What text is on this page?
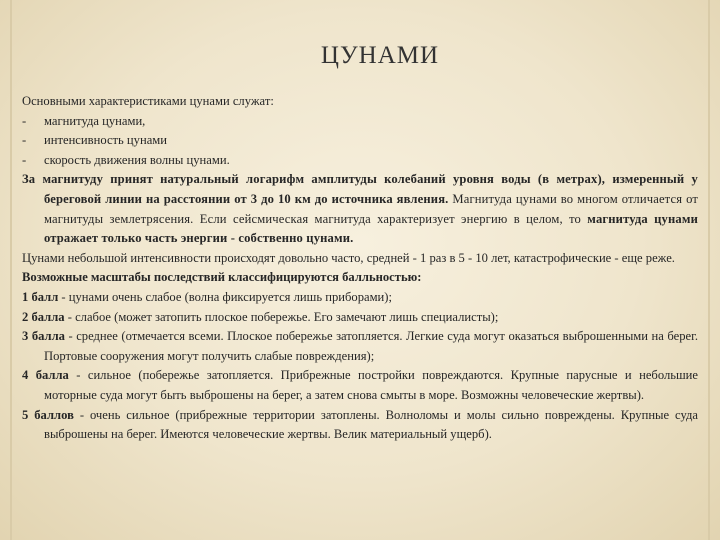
ЦУНАМИ

Основными характеристиками цунами служат:

- магнитуда цунами,

- интенсивность цунами

- скорость движения волны цунами.

За магнитуду принят натуральный логарифм амплитуды колебаний уровня воды (в метрах), измеренный у береговой линии на расстоянии от 3 до 10 км до источника явления. Магнитуда цунами во многом отличается от магнитуды землетрясения. Если сейсмическая магнитуда характеризует энергию в целом, то магнитуда цунами отражает только часть энергии - собственно цунами.

Цунами небольшой интенсивности происходят довольно часто, средней - 1 раз в 5 - 10 лет, катастрофические - еще реже.

Возможные масштабы последствий классифицируются балльностью:

1 балл - цунами очень слабое (волна фиксируется лишь приборами);

2 балла - слабое (может затопить плоское побережье. Его замечают лишь специалисты);

3 балла - среднее (отмечается всеми. Плоское побережье затопляется. Легкие суда могут оказаться выброшенными на берег. Портовые сооружения могут получить слабые повреждения);

4 балла - сильное (побережье затопляется. Прибрежные постройки повреждаются. Крупные парусные и небольшие моторные суда могут быть выброшены на берег, а затем снова смыты в море. Возможны человеческие жертвы).

5 баллов - очень сильное (прибрежные территории затоплены. Волноломы и молы сильно повреждены. Крупные суда выброшены на берег. Имеются человеческие жертвы. Велик материальный ущерб).
